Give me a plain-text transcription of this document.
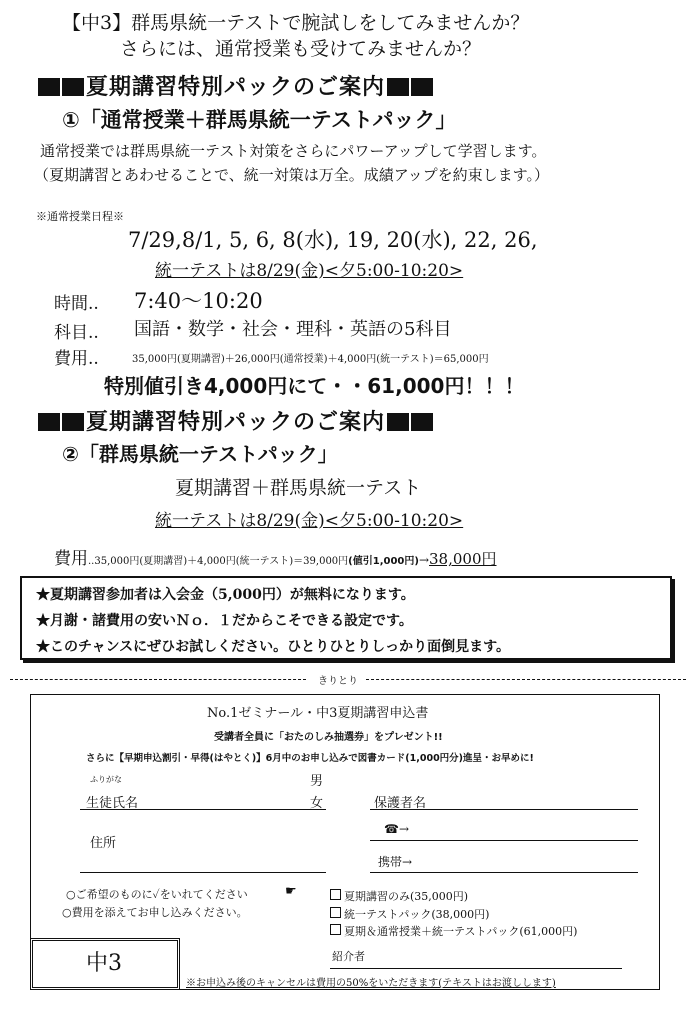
【中3】群馬県統一テストで腕試しをしてみませんか？
さらには、通常授業も受けてみませんか？
夏期講習特別パックのご案内
①「通常授業＋群馬県統一テストパック」
通常授業では群馬県統一テスト対策をさらにパワーアップして学習します。
（夏期講習とあわせることで、統一対策は万全。成績アップを約束します。）
※通常授業日程※
7/29,8/1, 5, 6, 8(水), 19, 20(水), 22, 26,
統一テストは8/29(金)<夕5:00-10:20>
時間.. 7:40〜10:20
科目.. 国語・数学・社会・理科・英語の5科目
費用..	35,000円(夏期講習)＋26,000円(通常授業)＋4,000円(統一テスト)＝65,000円
特別値引き4,000円にて・・61,000円！！！
夏期講習特別パックのご案内
②「群馬県統一テストパック」
夏期講習＋群馬県統一テスト
統一テストは8/29(金)<夕5:00-10:20>
費用..35,000円(夏期講習)＋4,000円(統一テスト)＝39,000円(値引1,000円)→38,000円
★夏期講習参加者は入会金（5,000円）が無料になります。
★月謝・諸費用の安いＮｏ．１だからこそできる設定です。
★このチャンスにぜひお試しください。ひとりひとりしっかり面倒見ます。
きりとり
No.1ゼミナール・中3夏期講習申込書
受講者全員に「おたのしみ抽選券」をプレゼント!!
さらに【早期申込割引・早得(はやとく)】6月中のお申し込みで図書カード(1,000円分)進呈・お早めに!
ふりがな	男
生徒氏名	女	保護者名
住所
☎→
携帯→
○ご希望のものに✓をいれてください	☛
○費用を添えてお申し込みください。
夏期講習のみ(35,000円)
統一テストパック(38,000円)
夏期＆通常授業＋統一テストパック(61,000円)
紹介者
中3
※お申込み後のキャンセルは費用の50%をいただきます(テキストはお渡しします)
